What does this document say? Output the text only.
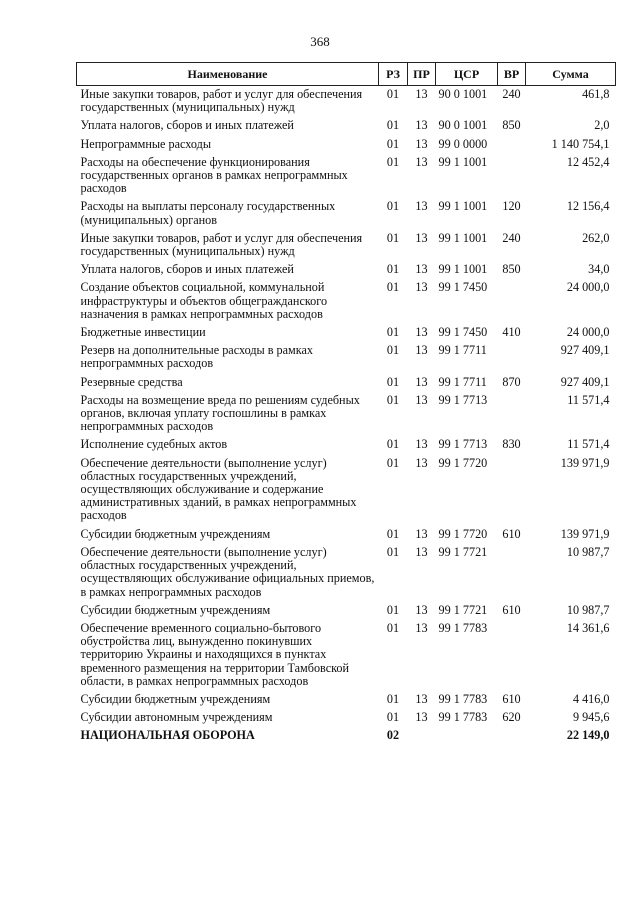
368
Наименование	РЗ	ПР	ЦСР	ВР	Сумма
Иные закупки товаров, работ и услуг для обеспечения государственных (муниципальных) нужд	01	13	90 0 1001	240	461,8
Уплата налогов, сборов и иных платежей	01	13	90 0 1001	850	2,0
Непрограммные расходы	01	13	99 0 0000		1 140 754,1
Расходы на обеспечение функционирования государственных органов в рамках непрограммных расходов	01	13	99 1 1001		12 452,4
Расходы на выплаты персоналу государственных (муниципальных) органов	01	13	99 1 1001	120	12 156,4
Иные закупки товаров, работ и услуг для обеспечения государственных (муниципальных) нужд	01	13	99 1 1001	240	262,0
Уплата налогов, сборов и иных платежей	01	13	99 1 1001	850	34,0
Создание объектов социальной, коммунальной инфраструктуры и объектов общегражданского назначения в рамках непрограммных расходов	01	13	99 1 7450		24 000,0
Бюджетные инвестиции	01	13	99 1 7450	410	24 000,0
Резерв на дополнительные расходы в рамках непрограммных расходов	01	13	99 1 7711		927 409,1
Резервные средства	01	13	99 1 7711	870	927 409,1
Расходы на возмещение вреда по решениям судебных органов, включая уплату госпошлины в рамках непрограммных расходов	01	13	99 1 7713		11 571,4
Исполнение судебных актов	01	13	99 1 7713	830	11 571,4
Обеспечение деятельности (выполнение услуг) областных государственных учреждений, осуществляющих обслуживание и содержание административных зданий, в рамках непрограммных расходов	01	13	99 1 7720		139 971,9
Субсидии бюджетным учреждениям	01	13	99 1 7720	610	139 971,9
Обеспечение деятельности (выполнение услуг) областных государственных учреждений, осуществляющих обслуживание официальных приемов, в рамках непрограммных расходов	01	13	99 1 7721		10 987,7
Субсидии бюджетным учреждениям	01	13	99 1 7721	610	10 987,7
Обеспечение временного социально-бытового обустройства лиц, вынужденно покинувших территорию Украины и находящихся в пунктах временного размещения на территории Тамбовской области, в рамках непрограммных расходов	01	13	99 1 7783		14 361,6
Субсидии бюджетным учреждениям	01	13	99 1 7783	610	4 416,0
Субсидии автономным учреждениям	01	13	99 1 7783	620	9 945,6
НАЦИОНАЛЬНАЯ ОБОРОНА	02				22 149,0
